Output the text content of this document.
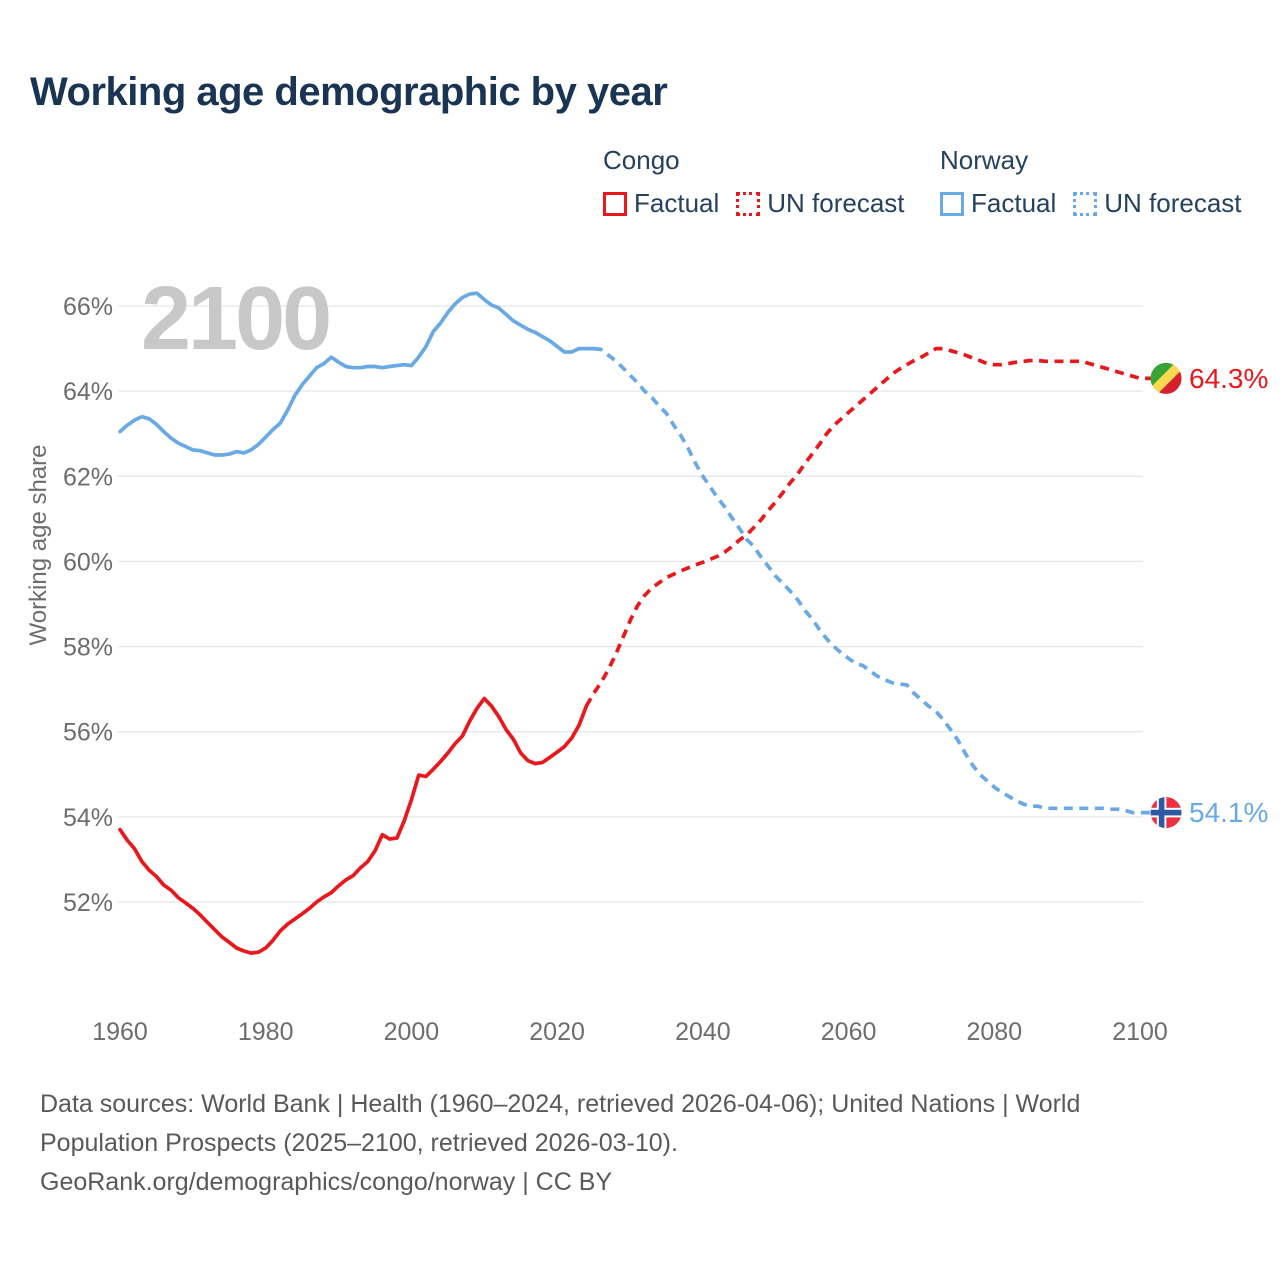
Working age demographic by year
Congo
Factual UN forecast
Norway
Factual UN forecast
52%
54%
56%
58%
60%
62%
64%
66% 2100
1960	1980	2000	2020	2040	2060	2080	2100
Working age share
64.3%
54.1%
Data sources: World Bank | Health (1960–2024, retrieved 2026-04-06); United Nations | World
Population Prospects (2025–2100, retrieved 2026-03-10).
GeoRank.org/demographics/congo/norway | CC BY
